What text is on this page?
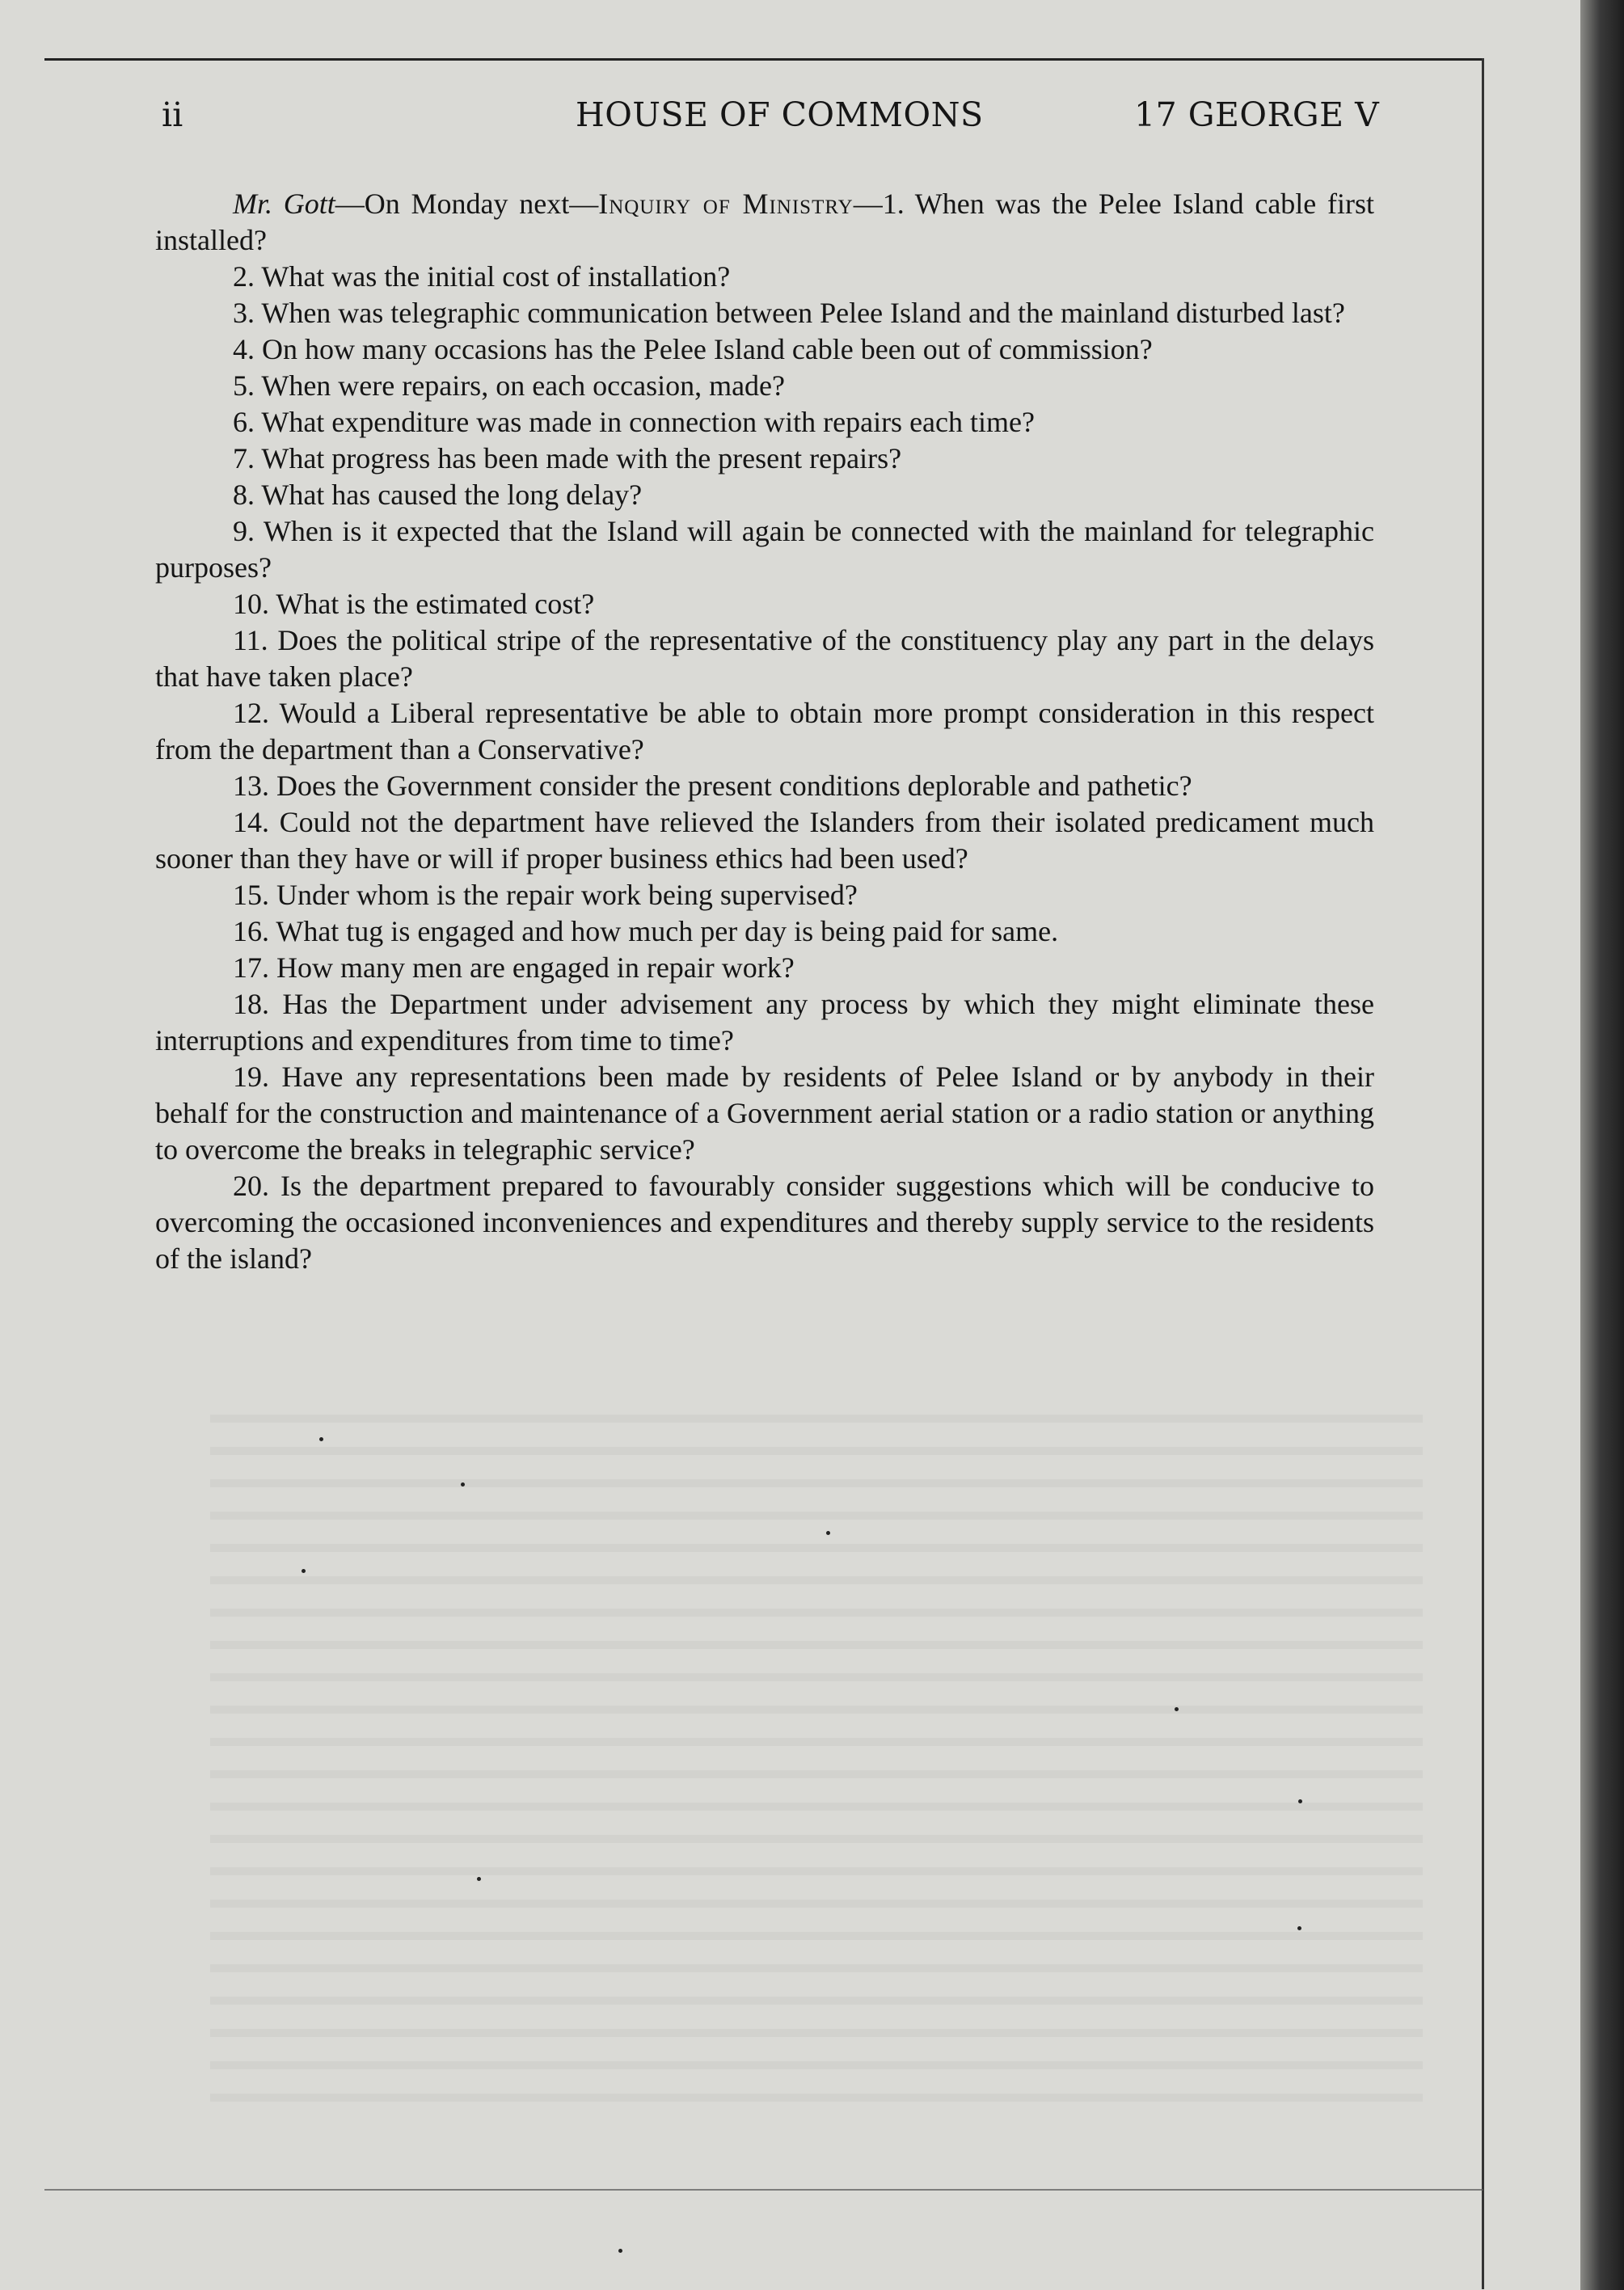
ii	HOUSE OF COMMONS	17 GEORGE V

Mr. Gott—On Monday next—Inquiry of Ministry—1. When was the Pelee Island cable first installed?

2. What was the initial cost of installation?

3. When was telegraphic communication between Pelee Island and the mainland disturbed last?

4. On how many occasions has the Pelee Island cable been out of commission?

5. When were repairs, on each occasion, made?

6. What expenditure was made in connection with repairs each time?

7. What progress has been made with the present repairs?

8. What has caused the long delay?

9. When is it expected that the Island will again be connected with the mainland for telegraphic purposes?

10. What is the estimated cost?

11. Does the political stripe of the representative of the constituency play any part in the delays that have taken place?

12. Would a Liberal representative be able to obtain more prompt consideration in this respect from the department than a Conservative?

13. Does the Government consider the present conditions deplorable and pathetic?

14. Could not the department have relieved the Islanders from their isolated predicament much sooner than they have or will if proper business ethics had been used?

15. Under whom is the repair work being supervised?

16. What tug is engaged and how much per day is being paid for same.

17. How many men are engaged in repair work?

18. Has the Department under advisement any process by which they might eliminate these interruptions and expenditures from time to time?

19. Have any representations been made by residents of Pelee Island or by anybody in their behalf for the construction and maintenance of a Government aerial station or a radio station or anything to overcome the breaks in telegraphic service?

20. Is the department prepared to favourably consider suggestions which will be conducive to overcoming the occasioned inconveniences and expenditures and thereby supply service to the residents of the island?
